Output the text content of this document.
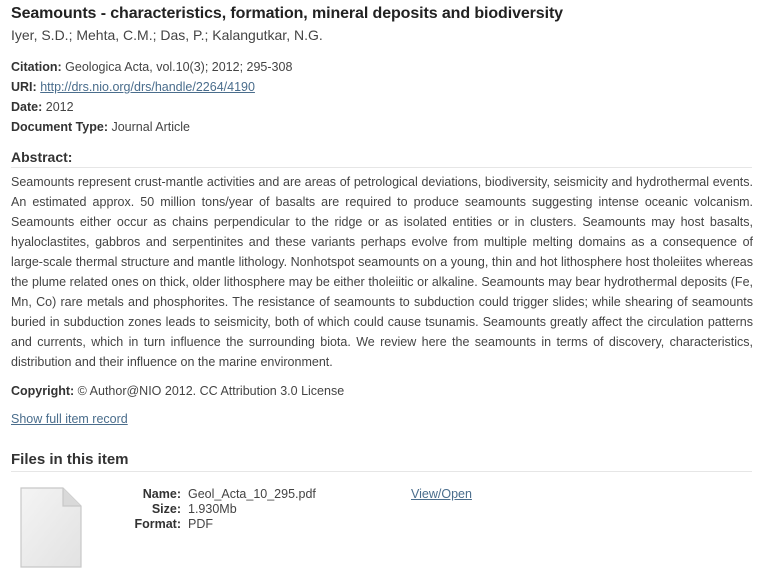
Seamounts - characteristics, formation, mineral deposits and biodiversity
Iyer, S.D.; Mehta, C.M.; Das, P.; Kalangutkar, N.G.
Citation: Geologica Acta, vol.10(3); 2012; 295-308
URI: http://drs.nio.org/drs/handle/2264/4190
Date: 2012
Document Type: Journal Article
Abstract:

Seamounts represent crust-mantle activities and are areas of petrological deviations, biodiversity, seismicity and hydrothermal events. An estimated approx. 50 million tons/year of basalts are required to produce seamounts suggesting intense oceanic volcanism. Seamounts either occur as chains perpendicular to the ridge or as isolated entities or in clusters. Seamounts may host basalts, hyaloclastites, gabbros and serpentinites and these variants perhaps evolve from multiple melting domains as a consequence of large-scale thermal structure and mantle lithology. Nonhotspot seamounts on a young, thin and hot lithosphere host tholeiites whereas the plume related ones on thick, older lithosphere may be either tholeiitic or alkaline. Seamounts may bear hydrothermal deposits (Fe, Mn, Co) rare metals and phosphorites. The resistance of seamounts to subduction could trigger slides; while shearing of seamounts buried in subduction zones leads to seismicity, both of which could cause tsunamis. Seamounts greatly affect the circulation patterns and currents, which in turn influence the surrounding biota. We review here the seamounts in terms of discovery, characteristics, distribution and their influence on the marine environment.

Copyright: © Author@NIO 2012. CC Attribution 3.0 License
Show full item record
Files in this item
Name: Geol_Acta_10_295.pdf
Size: 1.930Mb
Format: PDF
View/Open
